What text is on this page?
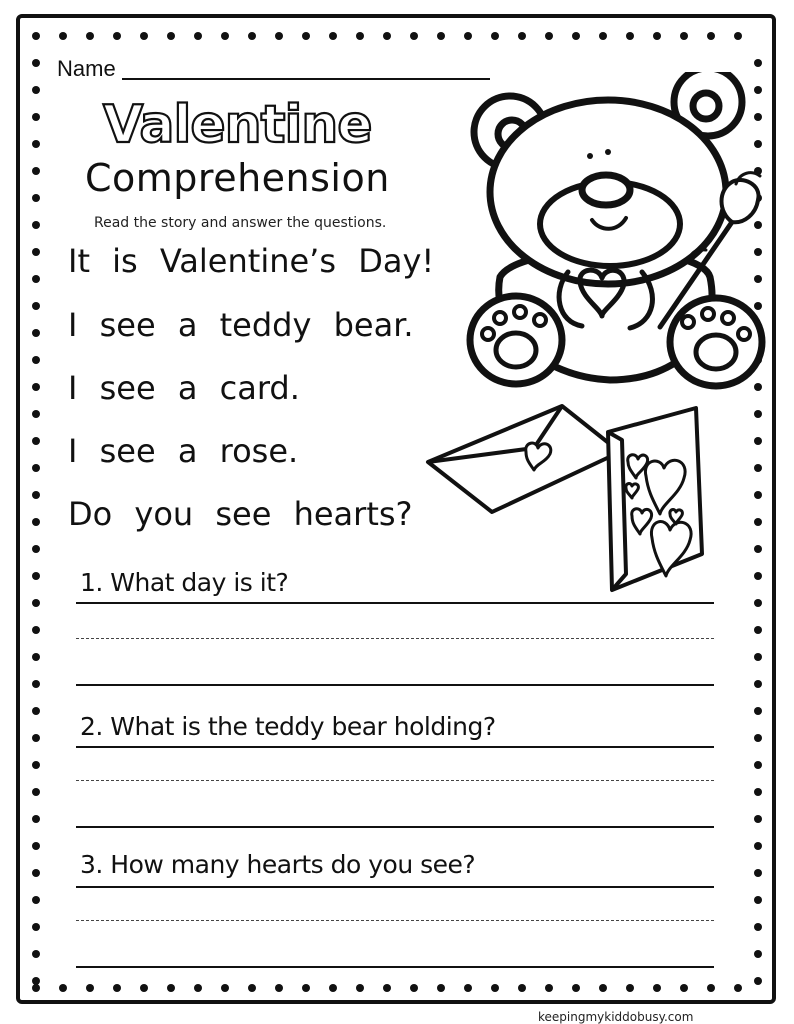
Name
Valentine
Comprehension
Read the story and answer the questions.
It is Valentine’s Day!
I see a teddy bear.
I see a card.
I see a rose.
Do you see hearts?
1. What day is it?
2. What is the teddy bear holding?
3. How many hearts do you see?
keepingmykiddobusy.com
